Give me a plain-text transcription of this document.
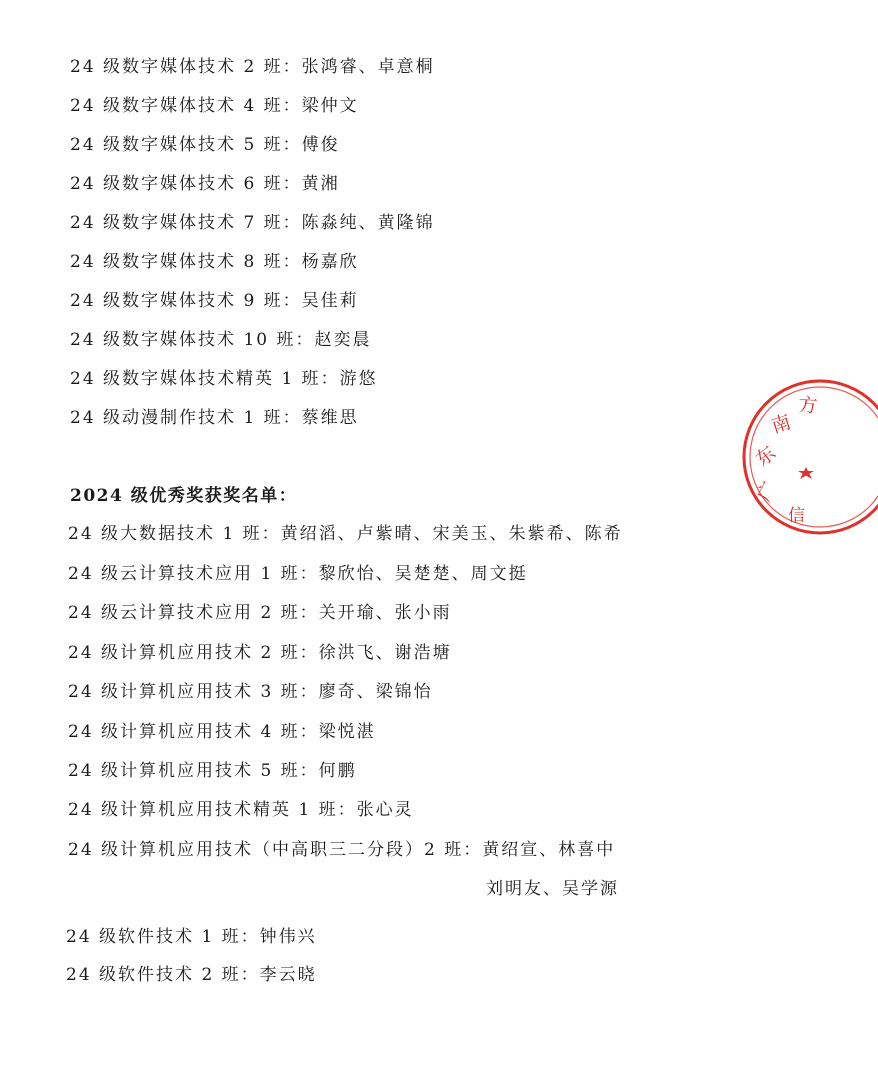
24 级数字媒体技术 2 班：张鸿睿、卓意桐
24 级数字媒体技术 4 班：梁仲文
24 级数字媒体技术 5 班：傅俊
24 级数字媒体技术 6 班：黄湘
24 级数字媒体技术 7 班：陈淼纯、黄隆锦
24 级数字媒体技术 8 班：杨嘉欣
24 级数字媒体技术 9 班：吴佳莉
24 级数字媒体技术 10 班：赵奕晨
24 级数字媒体技术精英 1 班：游悠
24 级动漫制作技术 1 班：蔡维思
2024 级优秀奖获奖名单：
24 级大数据技术 1 班：黄绍滔、卢紫晴、宋美玉、朱紫希、陈希
24 级云计算技术应用 1 班：黎欣怡、吴楚楚、周文挺
24 级云计算技术应用 2 班：关开瑜、张小雨
24 级计算机应用技术 2 班：徐洪飞、谢浩塘
24 级计算机应用技术 3 班：廖奇、梁锦怡
24 级计算机应用技术 4 班：梁悦湛
24 级计算机应用技术 5 班：何鹏
24 级计算机应用技术精英 1 班：张心灵
24 级计算机应用技术（中高职三二分段）2 班：黄绍宣、林喜中
刘明友、吴学源
24 级软件技术 1 班：钟伟兴
24 级软件技术 2 班：李云晓
广
东
南
方
信
